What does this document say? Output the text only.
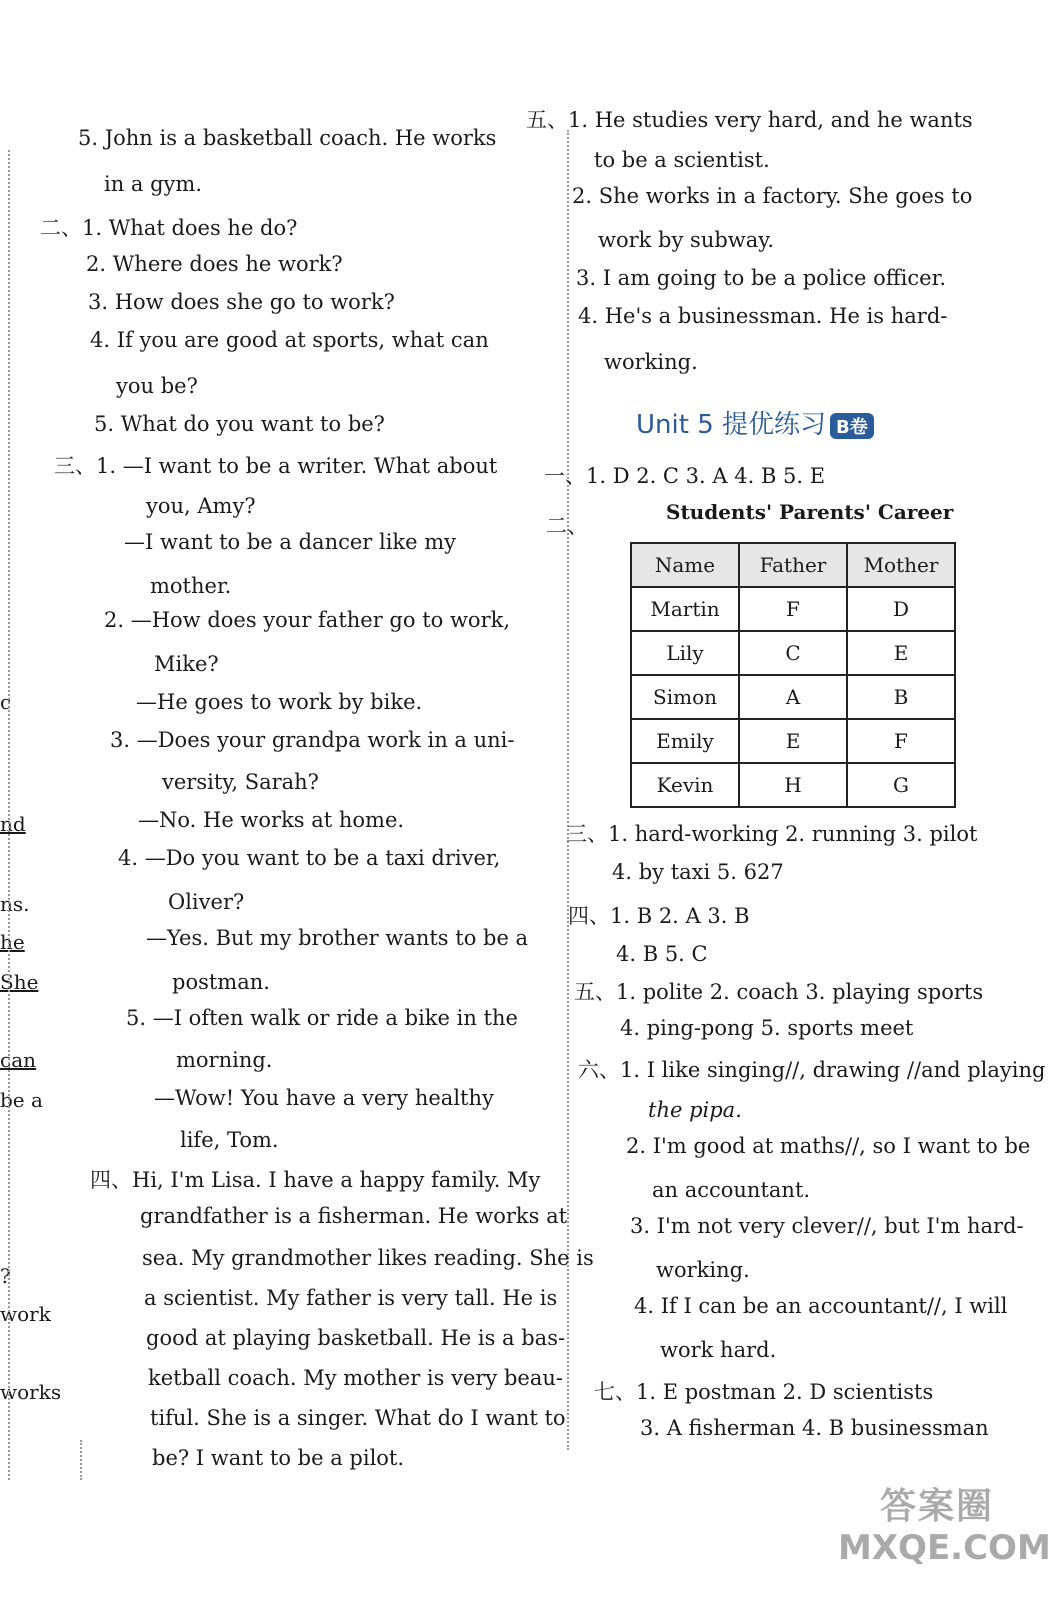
c
nd
ns.
he
She
can
be a
?
work
works
5. John is a basketball coach. He works
in a gym.
二、1. What does he do?
2. Where does he work?
3. How does she go to work?
4. If you are good at sports, what can
you be?
5. What do you want to be?
三、1. —I want to be a writer. What about
you, Amy?
—I want to be a dancer like my
mother.
2. —How does your father go to work,
Mike?
—He goes to work by bike.
3. —Does your grandpa work in a uni-
versity, Sarah?
—No. He works at home.
4. —Do you want to be a taxi driver,
Oliver?
—Yes. But my brother wants to be a
postman.
5. —I often walk or ride a bike in the
morning.
—Wow! You have a very healthy
life, Tom.
四、Hi, I'm Lisa. I have a happy family. My
grandfather is a fisherman. He works at
sea. My grandmother likes reading. She is
a scientist. My father is very tall. He is
good at playing basketball. He is a bas-
ketball coach. My mother is very beau-
tiful. She is a singer. What do I want to
be? I want to be a pilot.
五、1. He studies very hard, and he wants
to be a scientist.
2. She works in a factory. She goes to
work by subway.
3. I am going to be a police officer.
4. He's a businessman. He is hard-
working.
Unit 5 提优练习 B卷
一、1. D 2. C 3. A 4. B 5. E
二、
Students' Parents' Career
Name	Father	Mother
Martin	F	D
Lily	C	E
Simon	A	B
Emily	E	F
Kevin	H	G
三、1. hard-working 2. running 3. pilot
4. by taxi 5. 627
四、1. B 2. A 3. B
4. B 5. C
五、1. polite 2. coach 3. playing sports
4. ping-pong 5. sports meet
六、1. I like singing//, drawing //and playing
the pipa.
2. I'm good at maths//, so I want to be
an accountant.
3. I'm not very clever//, but I'm hard-
working.
4. If I can be an accountant//, I will
work hard.
七、1. E postman 2. D scientists
3. A fisherman 4. B businessman
答案圈
MXQE.COM
